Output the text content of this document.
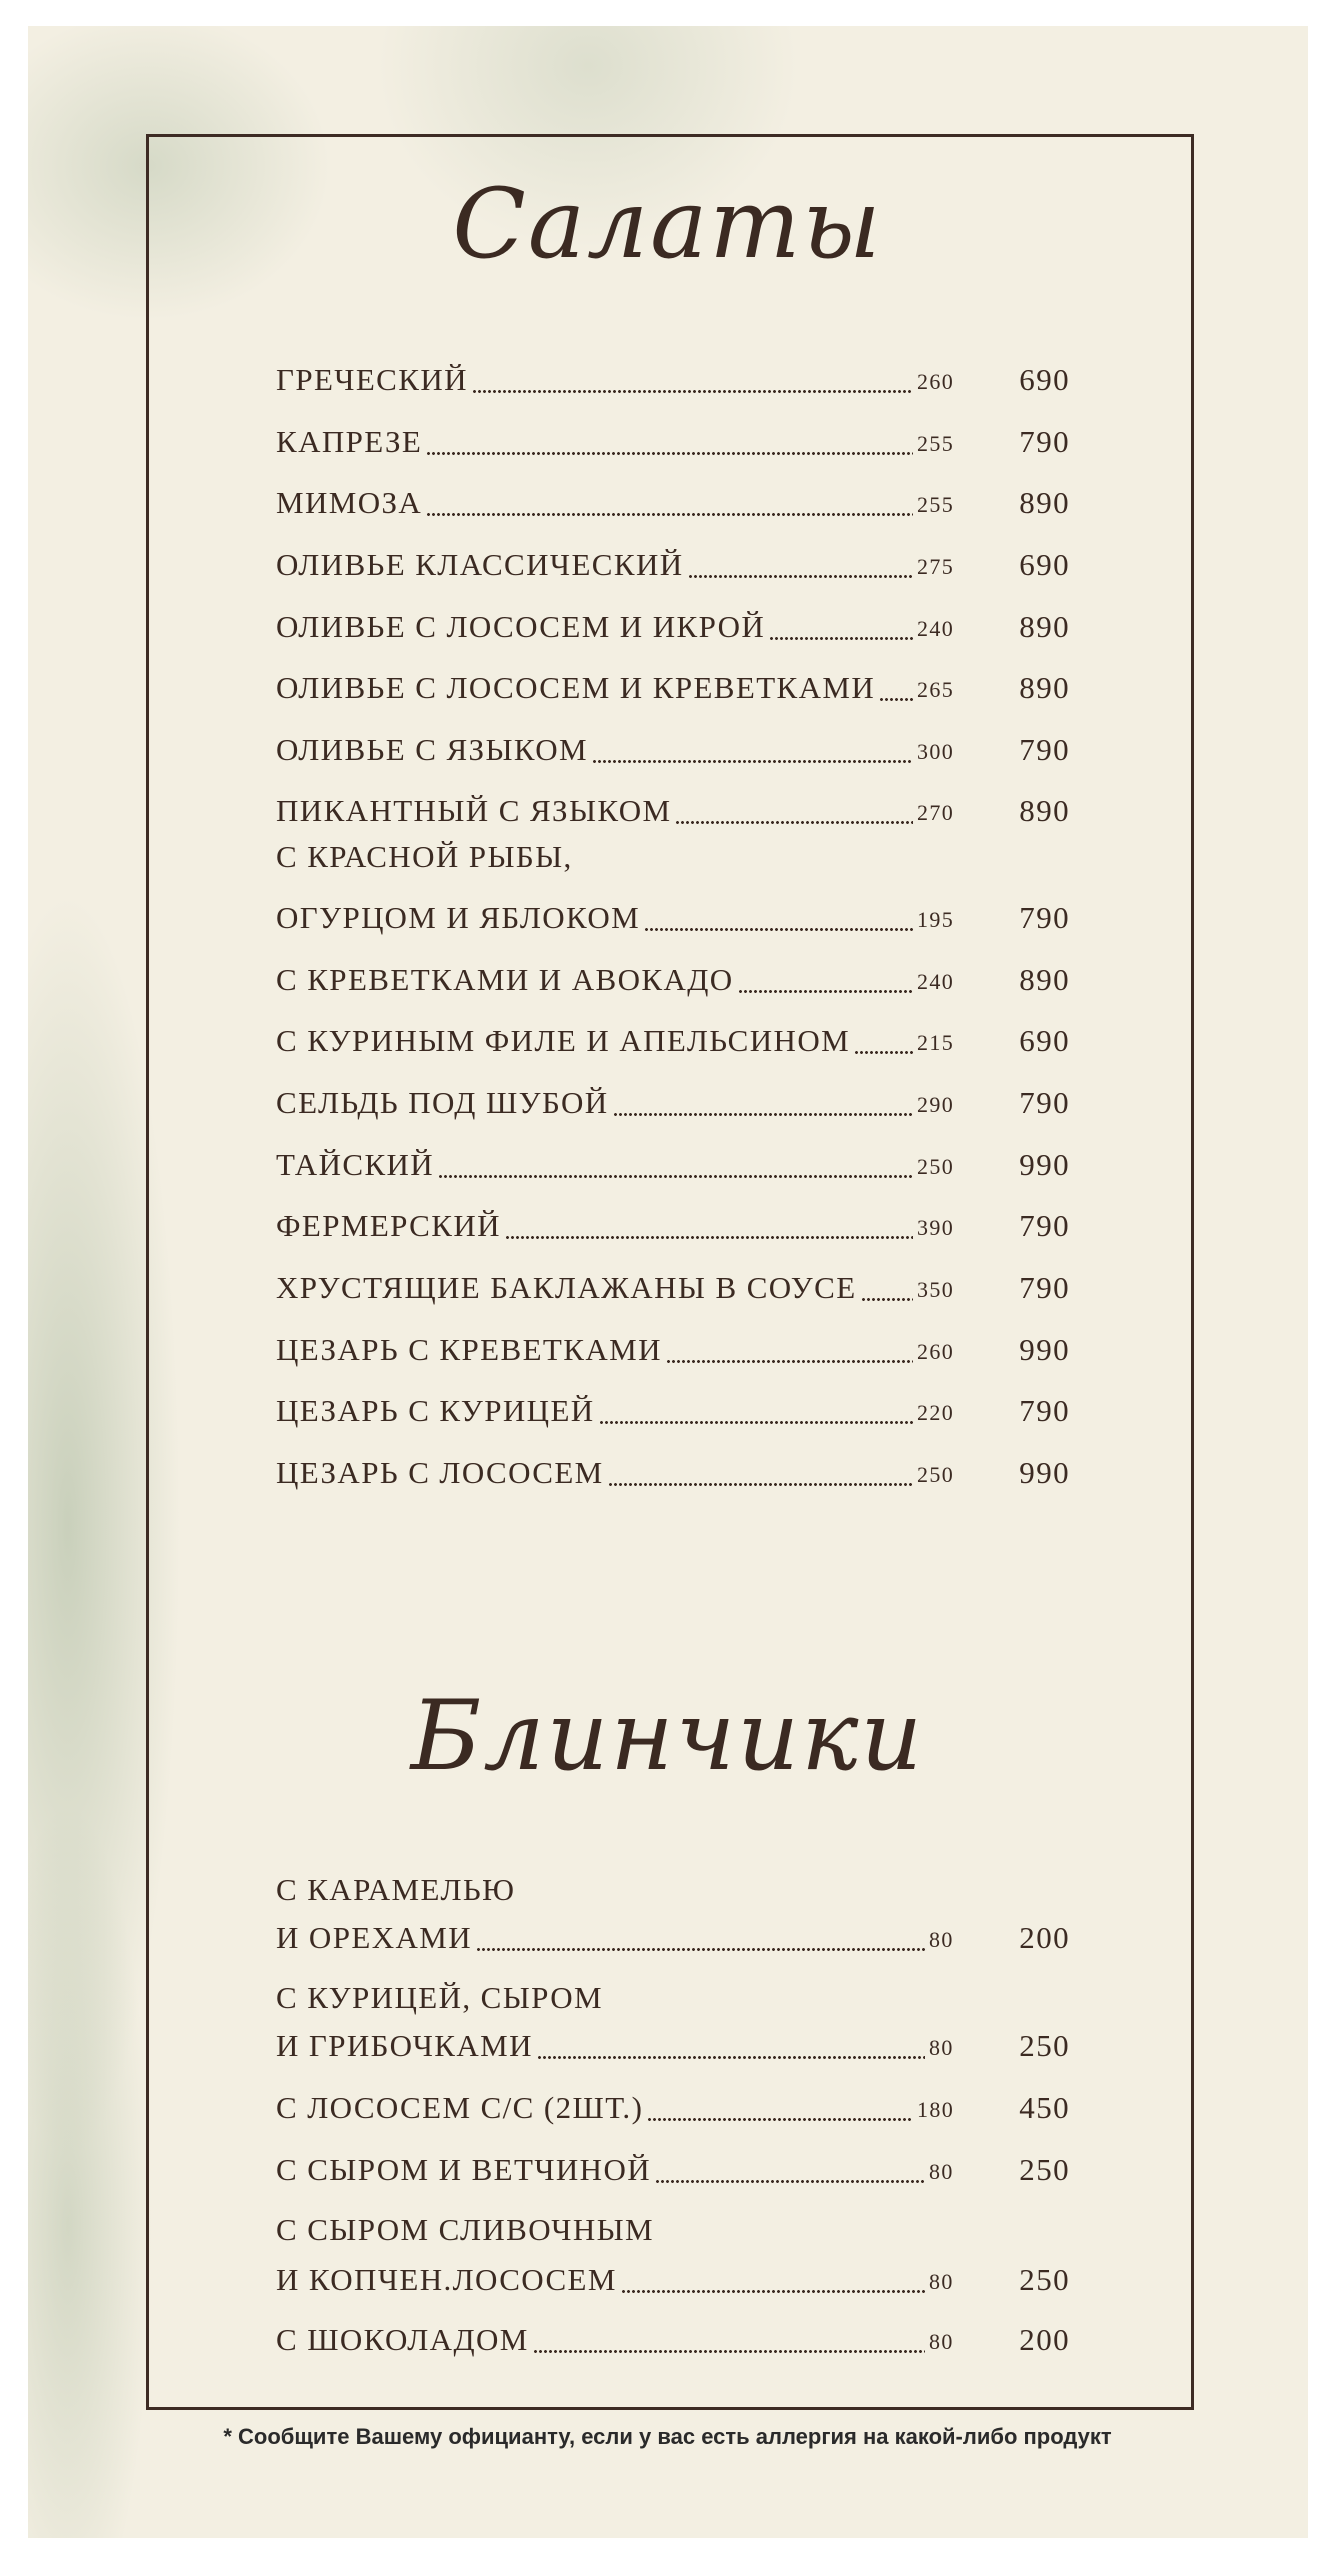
Салаты
ГРЕЧЕСКИЙ	260	690
КАПРЕЗЕ	255	790
МИМОЗА	255	890
ОЛИВЬЕ КЛАССИЧЕСКИЙ	275	690
ОЛИВЬЕ С ЛОСОСЕМ И ИКРОЙ	240	890
ОЛИВЬЕ С ЛОСОСЕМ И КРЕВЕТКАМИ 265	890
ОЛИВЬЕ С ЯЗЫКОМ	300	790
ПИКАНТНЫЙ С ЯЗЫКОМ	270	890
С КРАСНОЙ РЫБЫ,
ОГУРЦОМ И ЯБЛОКОМ	195	790
С КРЕВЕТКАМИ И АВОКАДО	240	890
С КУРИНЫМ ФИЛЕ И АПЕЛЬСИНОМ	215	690
СЕЛЬДЬ ПОД ШУБОЙ	290	790
ТАЙСКИЙ	250	990
ФЕРМЕРСКИЙ	390	790
ХРУСТЯЩИЕ БАКЛАЖАНЫ В СОУСЕ	350	790
ЦЕЗАРЬ С КРЕВЕТКАМИ	260	990
ЦЕЗАРЬ С КУРИЦЕЙ	220	790
ЦЕЗАРЬ С ЛОСОСЕМ	250	990
Блинчики
С КАРАМЕЛЬЮ
И ОРЕХАМИ	80	200
С КУРИЦЕЙ, СЫРОМ
И ГРИБОЧКАМИ	80	250
С ЛОСОСЕМ С/С (2ШТ.)	180	450
С СЫРОМ И ВЕТЧИНОЙ	80	250
С СЫРОМ СЛИВОЧНЫМ
И КОПЧЕН.ЛОСОСЕМ	80	250
С ШОКОЛАДОМ	80	200
* Сообщите Вашему официанту, если у вас есть аллергия на какой-либо продукт
